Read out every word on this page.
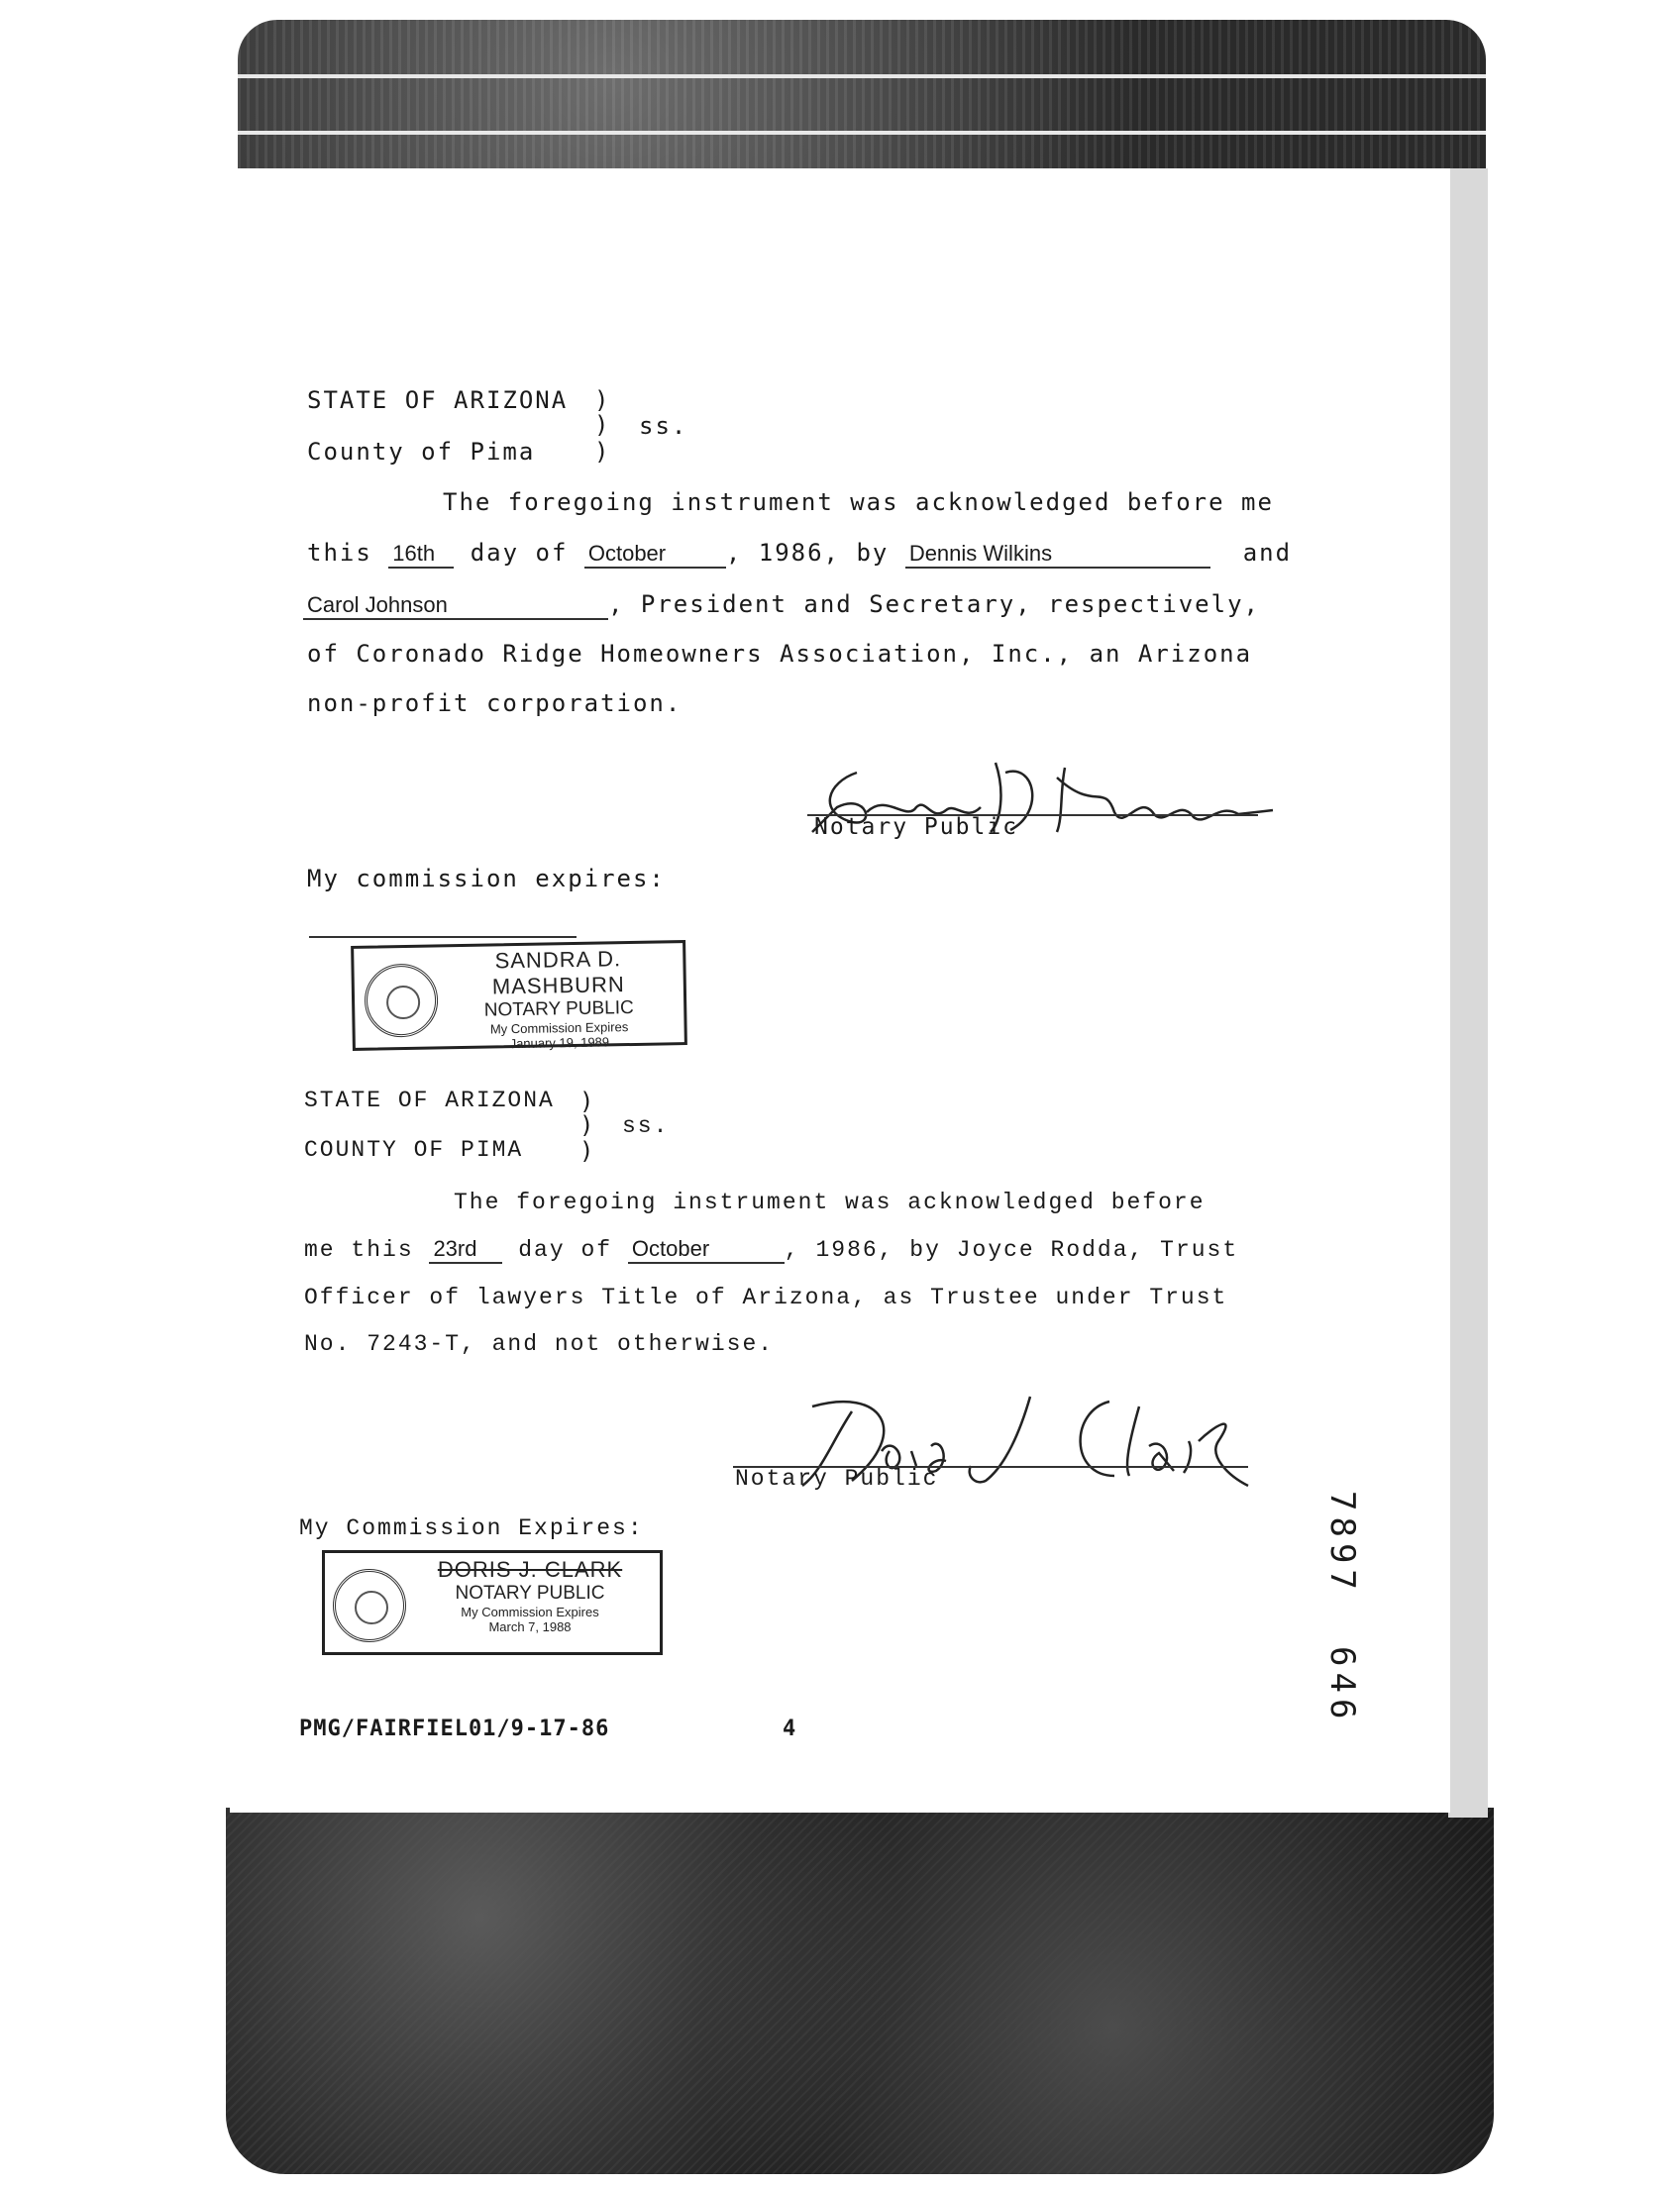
STATE OF ARIZONA )
)
)
ss.
County of Pima
The foregoing instrument was acknowledged before me
this 16th day of October	, 1986, by Dennis Wilkins	and
Carol Johnson	, President and Secretary, respectively,
of Coronado Ridge Homeowners Association, Inc., an Arizona
non-profit corporation.
Notary Public
My commission expires:
SANDRA D. MASHBURN
NOTARY PUBLIC
My Commission Expires
January 19, 1989
STATE OF ARIZONA )
)
)
ss.
COUNTY OF PIMA
The foregoing instrument was acknowledged before
me this 23rd day of October	, 1986, by Joyce Rodda, Trust
Officer of lawyers Title of Arizona, as Trustee under Trust
No. 7243-T, and not otherwise.
Notary Public
My Commission Expires:
DORIS J. CLARK
NOTARY PUBLIC
My Commission Expires
March 7, 1988
PMG/FAIRFIEL01/9-17-86	4
7897
646
